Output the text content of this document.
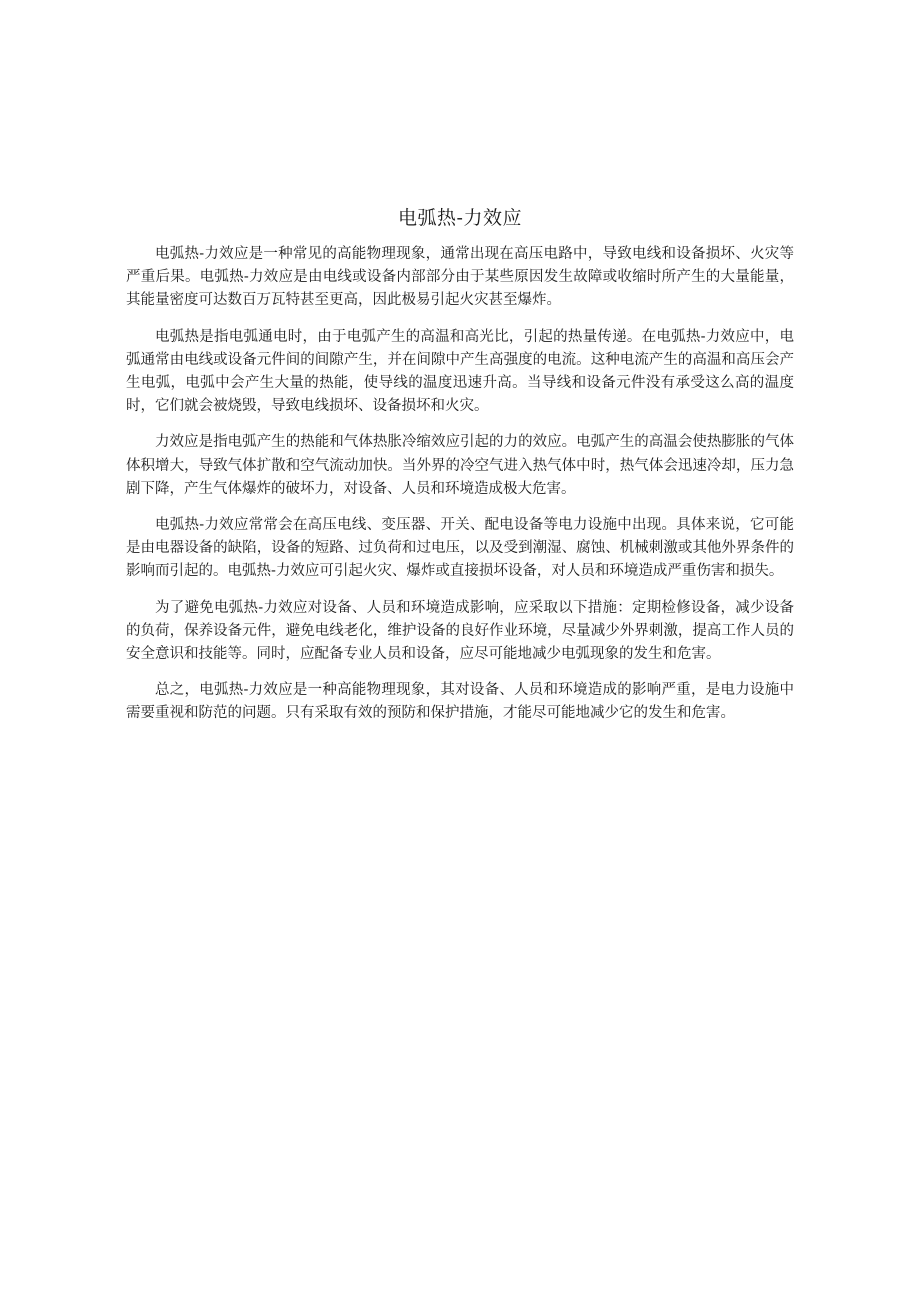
电弧热-力效应

电弧热-力效应是一种常见的高能物理现象，通常出现在高压电路中，导致电线和设备损坏、火灾等严重后果。电弧热-力效应是由电线或设备内部部分由于某些原因发生故障或收缩时所产生的大量能量，其能量密度可达数百万瓦特甚至更高，因此极易引起火灾甚至爆炸。

电弧热是指电弧通电时，由于电弧产生的高温和高光比，引起的热量传递。在电弧热-力效应中，电弧通常由电线或设备元件间的间隙产生，并在间隙中产生高强度的电流。这种电流产生的高温和高压会产生电弧，电弧中会产生大量的热能，使导线的温度迅速升高。当导线和设备元件没有承受这么高的温度时，它们就会被烧毁，导致电线损坏、设备损坏和火灾。

力效应是指电弧产生的热能和气体热胀冷缩效应引起的力的效应。电弧产生的高温会使热膨胀的气体体积增大，导致气体扩散和空气流动加快。当外界的冷空气进入热气体中时，热气体会迅速冷却，压力急剧下降，产生气体爆炸的破坏力，对设备、人员和环境造成极大危害。

电弧热-力效应常常会在高压电线、变压器、开关、配电设备等电力设施中出现。具体来说，它可能是由电器设备的缺陷，设备的短路、过负荷和过电压，以及受到潮湿、腐蚀、机械刺激或其他外界条件的影响而引起的。电弧热-力效应可引起火灾、爆炸或直接损坏设备，对人员和环境造成严重伤害和损失。

为了避免电弧热-力效应对设备、人员和环境造成影响，应采取以下措施：定期检修设备，减少设备的负荷，保养设备元件，避免电线老化，维护设备的良好作业环境，尽量减少外界刺激，提高工作人员的安全意识和技能等。同时，应配备专业人员和设备，应尽可能地减少电弧现象的发生和危害。

总之，电弧热-力效应是一种高能物理现象，其对设备、人员和环境造成的影响严重，是电力设施中需要重视和防范的问题。只有采取有效的预防和保护措施，才能尽可能地减少它的发生和危害。
